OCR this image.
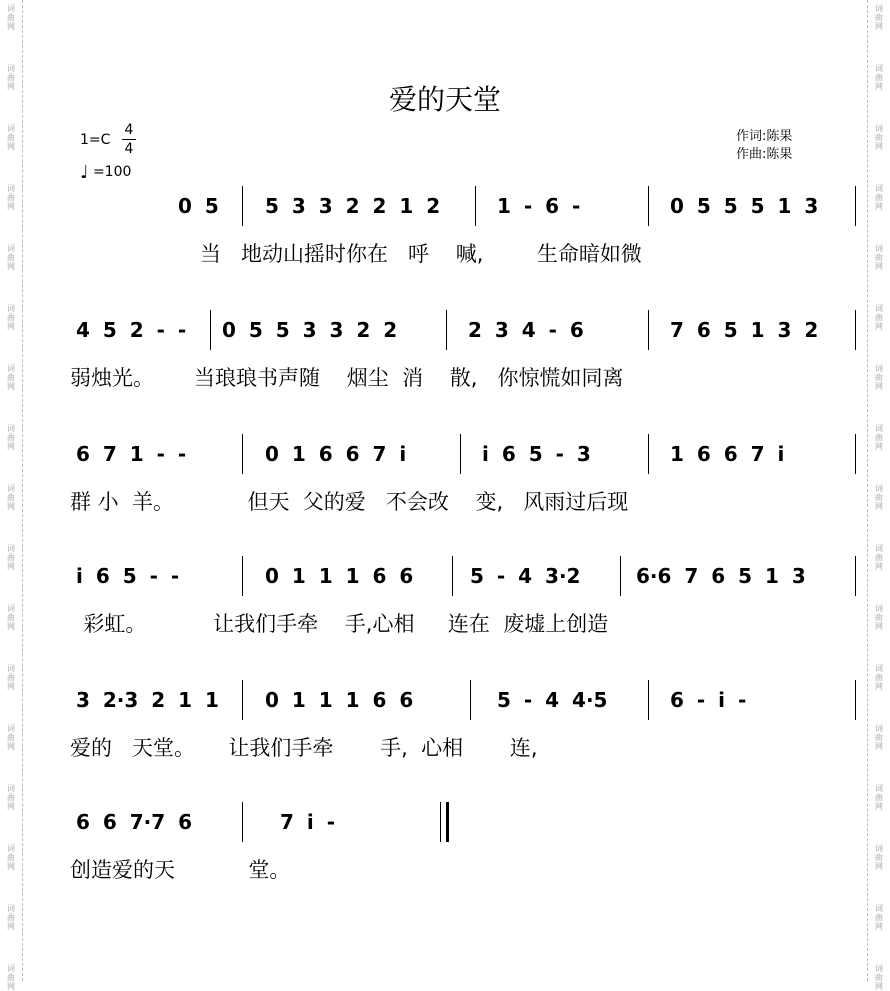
词
曲
网
词
曲
网
词
曲
网
词
曲
网
词
曲
网
词
曲
网
词
曲
网
词
曲
网
词
曲
网
词
曲
网
词
曲
网
词
曲
网
词
曲
网
词
曲
网
词
曲
网
词
曲
网
词
曲
网
词
曲
网
词
曲
网
词
曲
网
词
曲
网
词
曲
网
词
曲
网
词
曲
网
词
曲
网
词
曲
网
词
曲
网
词
曲
网
词
曲
网
词
曲
网
词
曲
网
词
曲
网
词
曲
网
词
曲
网
爱的天堂
1=C
4
4
♩ =100
作词:陈果
作曲:陈果
0 5 5 3 3 2 2 1 2	1 - 6 -	0 5 5 5 1 3
当   地动山摇时你在   呼    喊,        生命暗如微
4 5 2 - - 0 5 5 3 3 2 2	2 3 4 - 6	7 6 5 1 3 2
弱烛光。      当琅琅书声随    烟尘  消    散,   你惊慌如同离
6 7 1 - -	0 1 6 6 7 i	i 6 5 - 3	1 6 6 7 i
群 小  羊。           但天  父的爱   不会改    变,   风雨过后现
i 6 5 - -	0 1 1 1 6 6	5 - 4 3·2	6·6 7 6 5 1 3
彩虹。          让我们手牵    手,心相     连在  废墟上创造
3 2·3 2 1 1 0 1 1 1 6 6	5 - 4 4·5	6 - i -
爱的   天堂。     让我们手牵       手,  心相       连,
6 6 7·7 6	7 i -
创造爱的天           堂。
